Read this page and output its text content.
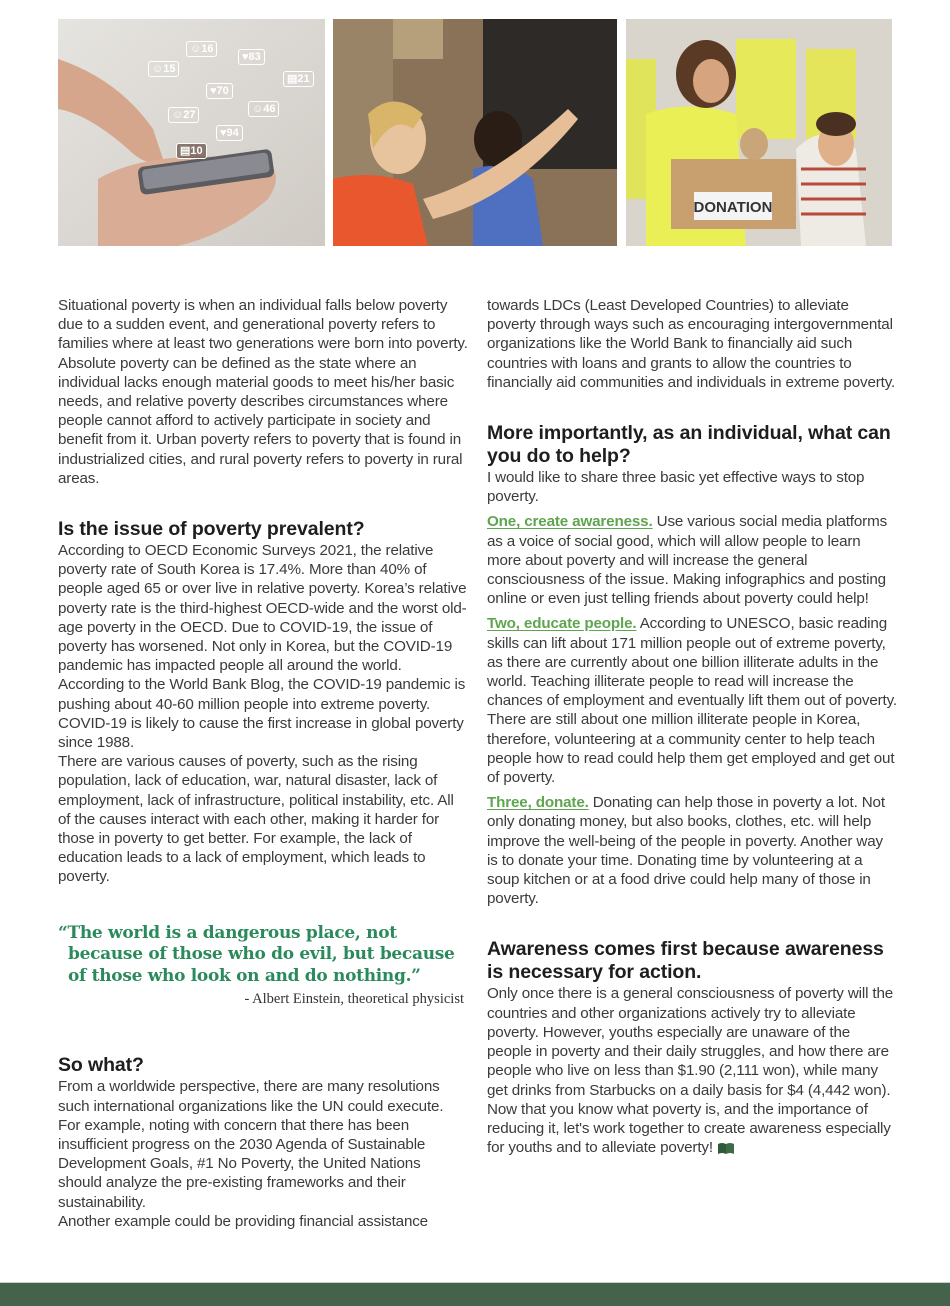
☺16
☺15
♥83
▤21
♥70
☺46
☺27
♥94
▤10
DONATION

Situational poverty is when an individual falls below poverty due to a sudden event, and generational poverty refers to families where at least two generations were born into poverty. Absolute poverty can be defined as the state where an individual lacks enough material goods to meet his/her basic needs, and relative poverty describes circumstances where people cannot afford to actively participate in society and benefit from it. Urban poverty refers to poverty that is found in industrialized cities, and rural poverty refers to poverty in rural areas.

Is the issue of poverty prevalent?

According to OECD Economic Surveys 2021, the relative poverty rate of South Korea is 17.4%. More than 40% of people aged 65 or over live in relative poverty. Korea’s relative poverty rate is the third-highest OECD-wide and the worst old-age poverty in the OECD. Due to COVID-19, the issue of poverty has worsened. Not only in Korea, but the COVID-19 pandemic has impacted people all around the world. According to the World Bank Blog, the COVID-19 pandemic is pushing about 40-60 million people into extreme poverty. COVID-19 is likely to cause the first increase in global poverty since 1988.

There are various causes of poverty, such as the rising population, lack of education, war, natural disaster, lack of employment, lack of infrastructure, political instability, etc. All of the causes interact with each other, making it harder for those in poverty to get better. For example, the lack of education leads to a lack of employment, which leads to poverty.

“The world is a dangerous place, not because of those who do evil, but because of those who look on and do nothing.”

- Albert Einstein, theoretical physicist
So what?

From a worldwide perspective, there are many resolutions such international organizations like the UN could execute. For example, noting with concern that there has been insufficient progress on the 2030 Agenda of Sustainable Development Goals, #1 No Poverty, the United Nations should analyze the pre-existing frameworks and their sustainability.

Another example could be providing financial assistance

towards LDCs (Least Developed Countries) to alleviate poverty through ways such as encouraging intergovernmental organizations like the World Bank to financially aid such countries with loans and grants to allow the countries to financially aid communities and individuals in extreme poverty.

More importantly, as an individual, what can you do to help?

I would like to share three basic yet effective ways to stop poverty.

One, create awareness. Use various social media platforms as a voice of social good, which will allow people to learn more about poverty and will increase the general consciousness of the issue. Making infographics and posting online or even just telling friends about poverty could help!
Two, educate people. According to UNESCO, basic reading skills can lift about 171 million people out of extreme poverty, as there are currently about one billion illiterate adults in the world. Teaching illiterate people to read will increase the chances of employment and eventually lift them out of poverty. There are still about one million illiterate people in Korea, therefore, volunteering at a community center to help teach people how to read could help them get employed and get out of poverty.
Three, donate. Donating can help those in poverty a lot. Not only donating money, but also books, clothes, etc. will help improve the well-being of the people in poverty. Another way is to donate your time. Donating time by volunteering at a soup kitchen or at a food drive could help many of those in poverty.
Awareness comes first because awareness is necessary for action.
Only once there is a general consciousness of poverty will the countries and other organizations actively try to alleviate poverty. However, youths especially are unaware of the people in poverty and their daily struggles, and how there are people who live on less than $1.90 (2,111 won), while many get drinks from Starbucks on a daily basis for $4 (4,442 won). Now that you know what poverty is, and the importance of reducing it, let's work together to create awareness especially for youths and to alleviate poverty!
